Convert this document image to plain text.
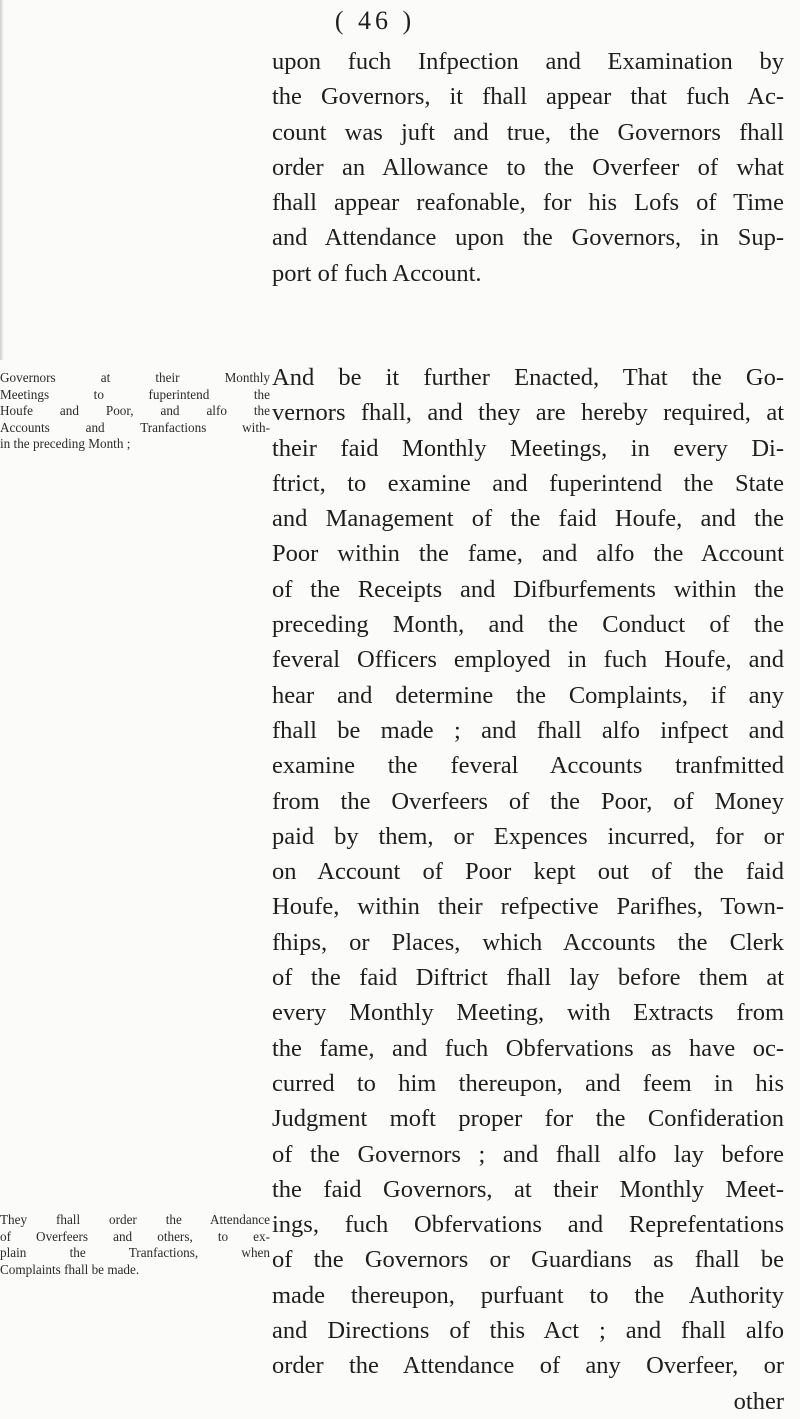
( 46 )
upon fuch Infpection and Examination by
the Governors, it fhall appear that fuch Ac-
count was juft and true, the Governors fhall
order an Allowance to the Overfeer of what
fhall appear reafonable, for his Lofs of Time
and Attendance upon the Governors, in Sup-
port of fuch Account.
Governors at their Monthly
Meetings to fuperintend the
Houfe and Poor, and alfo the
Accounts and Tranfactions with-
in the preceding Month ;
And be it further Enacted, That the Go-
vernors fhall, and they are hereby required, at
their faid Monthly Meetings, in every Di-
ftrict, to examine and fuperintend the State
and Management of the faid Houfe, and the
Poor within the fame, and alfo the Account
of the Receipts and Difburfements within the
preceding Month, and the Conduct of the
feveral Officers employed in fuch Houfe, and
hear and determine the Complaints, if any
fhall be made ; and fhall alfo infpect and
examine the feveral Accounts tranfmitted
from the Overfeers of the Poor, of Money
paid by them, or Expences incurred, for or
on Account of Poor kept out of the faid
Houfe, within their refpective Parifhes, Town-
fhips, or Places, which Accounts the Clerk
of the faid Diftrict fhall lay before them at
every Monthly Meeting, with Extracts from
the fame, and fuch Obfervations as have oc-
curred to him thereupon, and feem in his
Judgment moft proper for the Confideration
of the Governors ; and fhall alfo lay before
the faid Governors, at their Monthly Meet-
ings, fuch Obfervations and Reprefentations
of the Governors or Guardians as fhall be
made thereupon, purfuant to the Authority
and Directions of this Act ; and fhall alfo
order the Attendance of any Overfeer, or
other
They fhall order the Attendance
of Overfeers and others, to ex-
plain the Tranfactions, when
Complaints fhall be made.
